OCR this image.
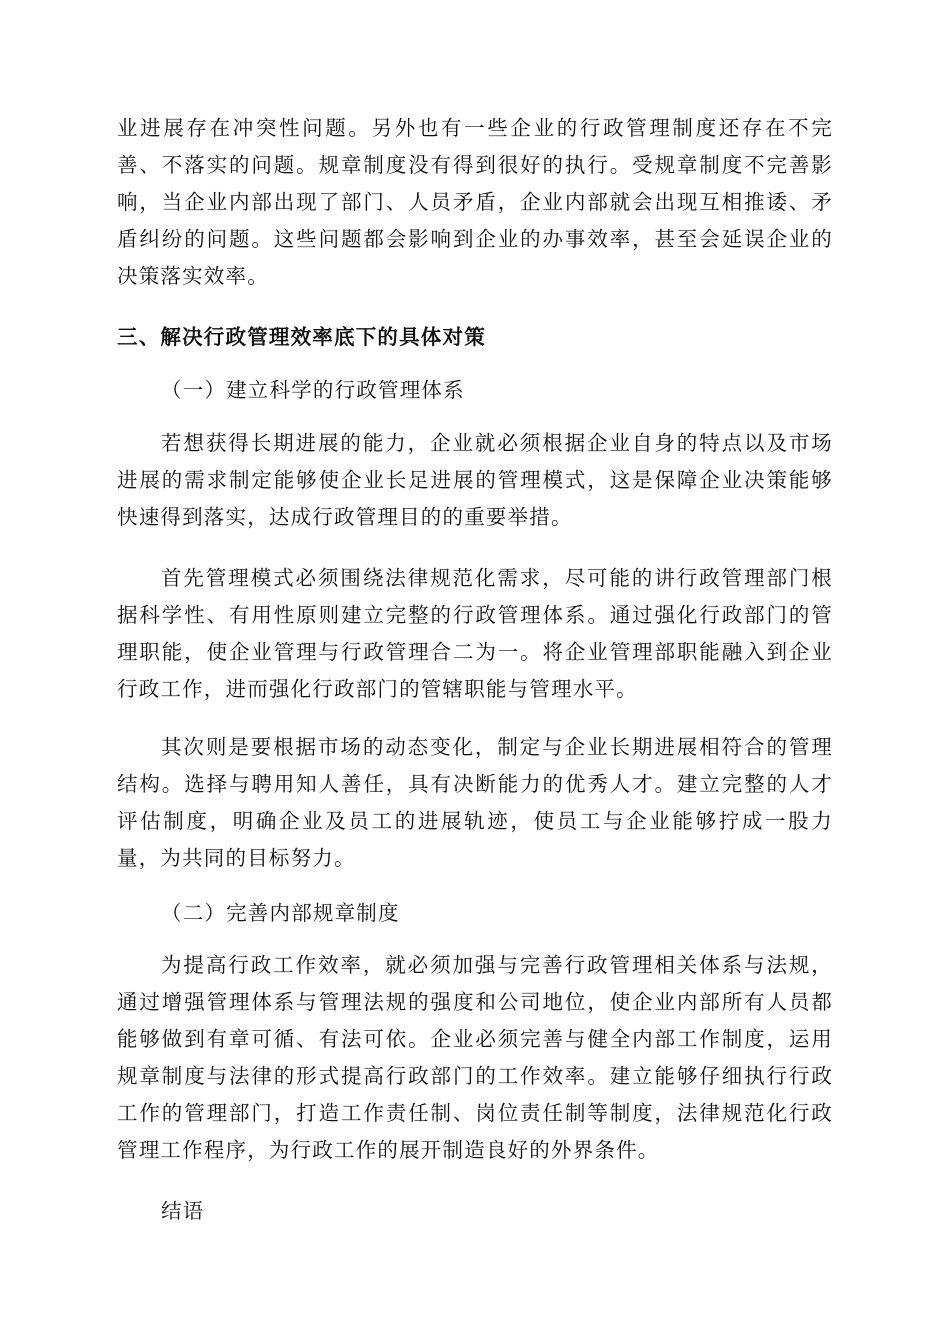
业进展存在冲突性问题。另外也有一些企业的行政管理制度还存在不完善、不落实的问题。规章制度没有得到很好的执行。受规章制度不完善影响，当企业内部出现了部门、人员矛盾，企业内部就会出现互相推诿、矛盾纠纷的问题。这些问题都会影响到企业的办事效率，甚至会延误企业的决策落实效率。

三、解决行政管理效率底下的具体对策

（一）建立科学的行政管理体系

若想获得长期进展的能力，企业就必须根据企业自身的特点以及市场进展的需求制定能够使企业长足进展的管理模式，这是保障企业决策能够快速得到落实，达成行政管理目的的重要举措。

首先管理模式必须围绕法律规范化需求，尽可能的讲行政管理部门根据科学性、有用性原则建立完整的行政管理体系。通过强化行政部门的管理职能，使企业管理与行政管理合二为一。将企业管理部职能融入到企业行政工作，进而强化行政部门的管辖职能与管理水平。

其次则是要根据市场的动态变化，制定与企业长期进展相符合的管理结构。选择与聘用知人善任，具有决断能力的优秀人才。建立完整的人才评估制度，明确企业及员工的进展轨迹，使员工与企业能够拧成一股力量，为共同的目标努力。

（二）完善内部规章制度

为提高行政工作效率，就必须加强与完善行政管理相关体系与法规，通过增强管理体系与管理法规的强度和公司地位，使企业内部所有人员都能够做到有章可循、有法可依。企业必须完善与健全内部工作制度，运用规章制度与法律的形式提高行政部门的工作效率。建立能够仔细执行行政工作的管理部门，打造工作责任制、岗位责任制等制度，法律规范化行政管理工作程序，为行政工作的展开制造良好的外界条件。

结语
